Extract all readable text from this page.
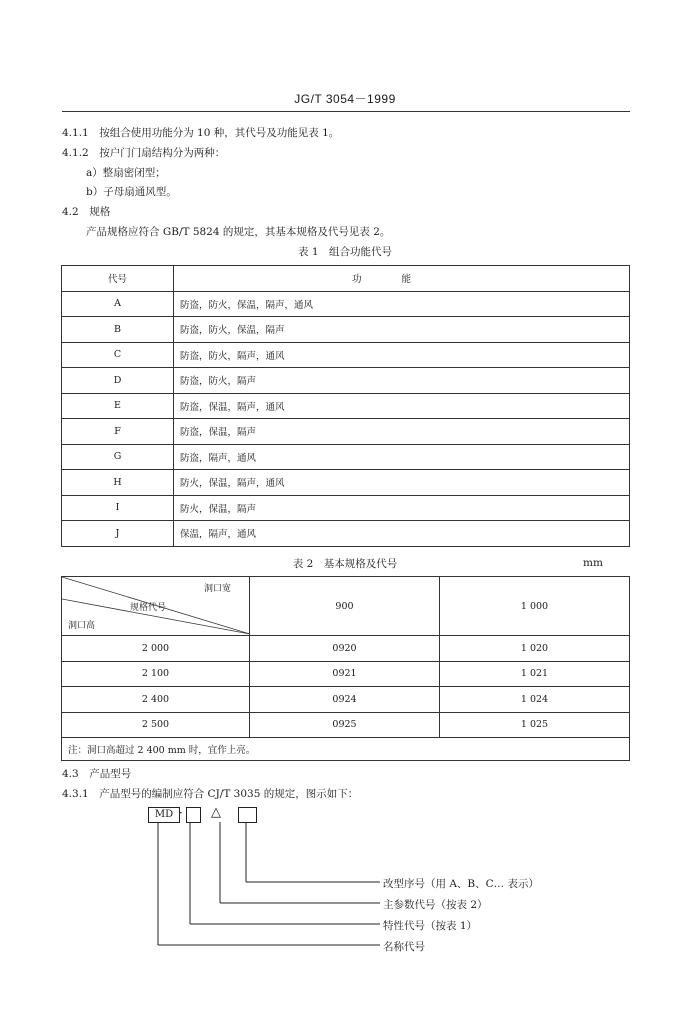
JG/T 3054－1999
4.1.1　按组合使用功能分为 10 种，其代号及功能见表 1。
4.1.2　按户门门扇结构分为两种：
a）整扇密闭型；
b）子母扇通风型。
4.2　规格
产品规格应符合 GB/T 5824 的规定，其基本规格及代号见表 2。
表 1　组合功能代号
代号	功能
A	防盗，防火，保温，隔声，通风
B	防盗，防火，保温，隔声
C	防盗，防火，隔声，通风
D	防盗，防火，隔声
E	防盗，保温，隔声，通风
F	防盗，保温，隔声
G	防盗，隔声，通风
H	防火，保温，隔声，通风
I	防火，保温，隔声
J	保温，隔声，通风
表 2　基本规格及代号	mm
洞口宽
规格代号
洞口高	900	1 000
2 000	0920	1 020
2 100	0921	1 021
2 400	0924	1 024
2 500	0925	1 025
注：洞口高超过 2 400 mm 时，宜作上亮。		
4.3　产品型号
4.3.1　产品型号的编制应符合 CJ/T 3035 的规定，图示如下：
MD · △
改型序号（用 A、B、C… 表示）
主参数代号（按表 2）
特性代号（按表 1）
名称代号
